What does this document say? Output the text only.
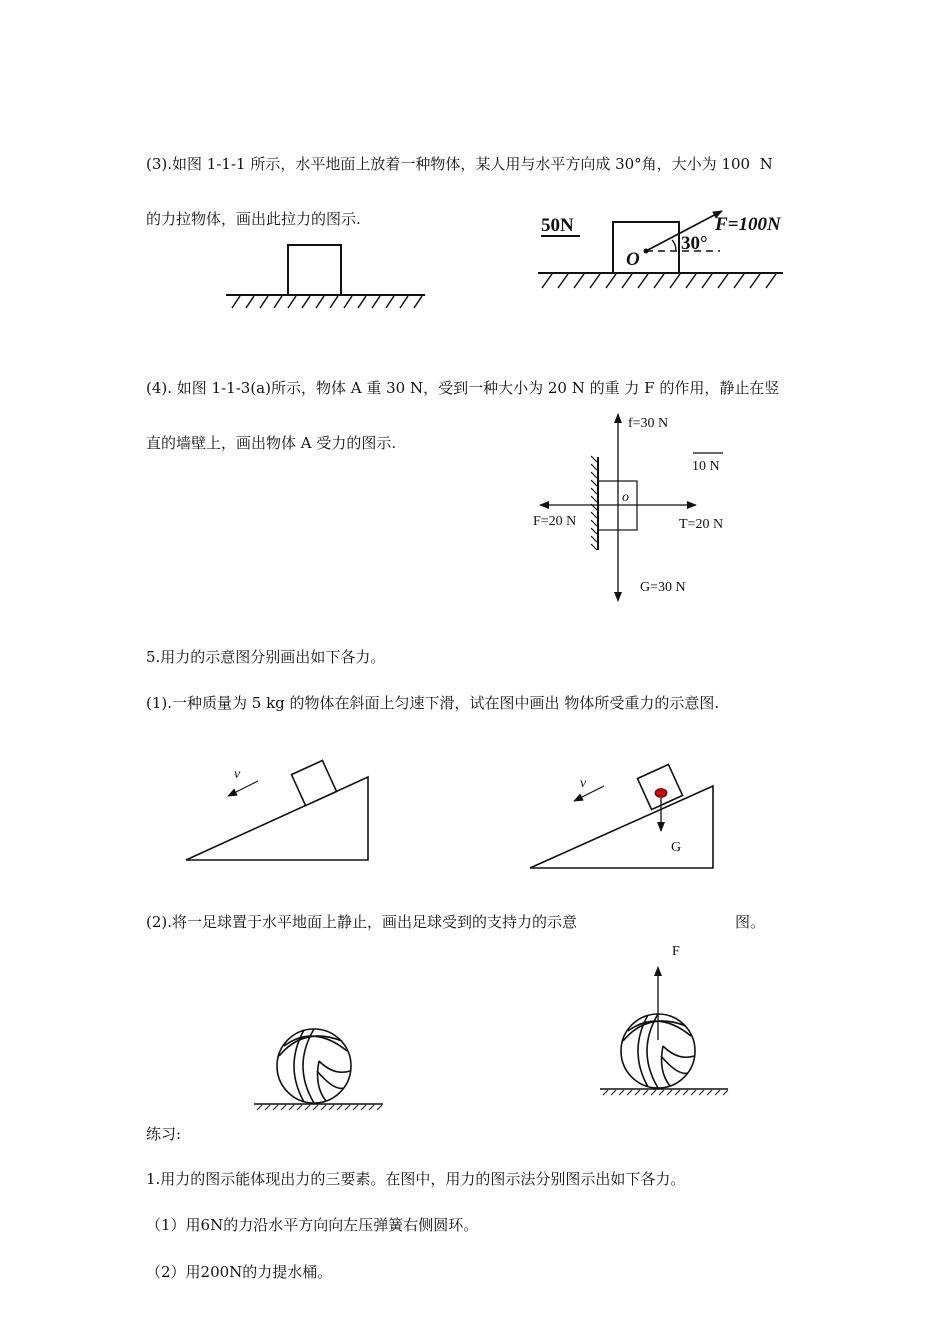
(3).如图 1-1-1 所示，水平地面上放着一种物体，某人用与水平方向成 30°角，大小为 100  N
的力拉物体，画出此拉力的图示.
(4). 如图 1-1-3(a)所示，物体 A 重 30 N，受到一种大小为 20 N 的重 力 F 的作用，静止在竖
直的墙壁上，画出物体 A 受力的图示.
5.用力的示意图分别画出如下各力。
(1).一种质量为 5 kg 的物体在斜面上匀速下滑，试在图中画出 物体所受重力的示意图.
(2).将一足球置于水平地面上静止，画出足球受到的支持力的示意	图。
练习:
1.用力的图示能体现出力的三要素。在图中，用力的图示法分别图示出如下各力。
（1）用6N的力沿水平方向向左压弹簧右侧圆环。
（2）用200N的力提水桶。
50N
O
30°
F=100N
o
10 N
f=30 N
F=20 N	T=20 N
G=30 N
v
G
v
F
